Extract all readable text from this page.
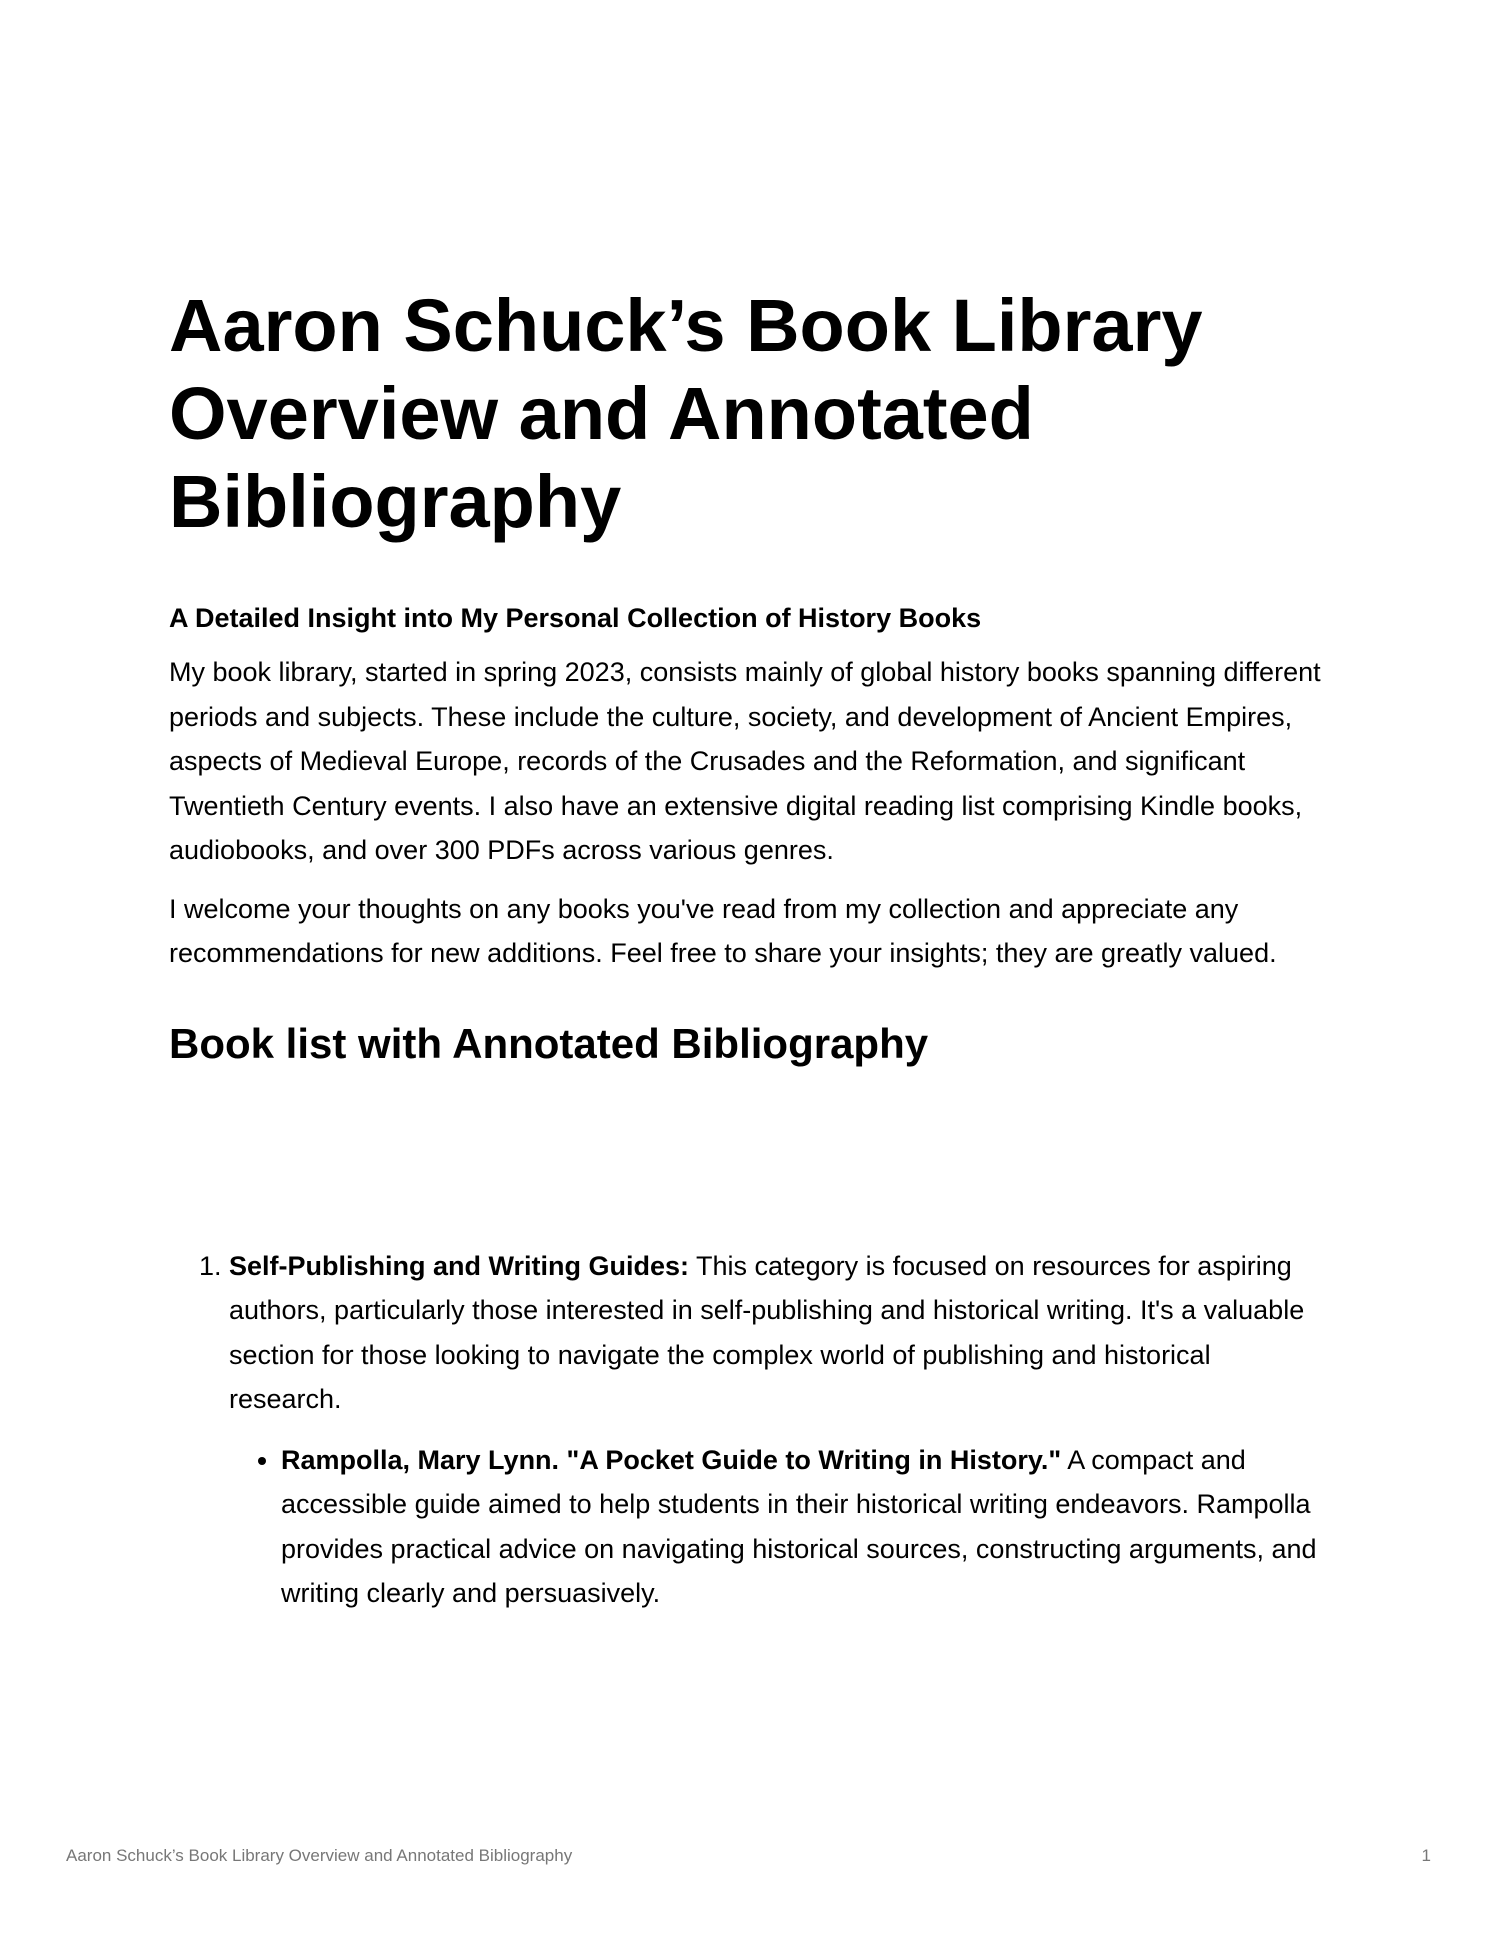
Aaron Schuck’s Book Library Overview and Annotated Bibliography
A Detailed Insight into My Personal Collection of History Books

My book library, started in spring 2023, consists mainly of global history books spanning different periods and subjects. These include the culture, society, and development of Ancient Empires, aspects of Medieval Europe, records of the Crusades and the Reformation, and significant Twentieth Century events. I also have an extensive digital reading list comprising Kindle books, audiobooks, and over 300 PDFs across various genres.

I welcome your thoughts on any books you've read from my collection and appreciate any recommendations for new additions. Feel free to share your insights; they are greatly valued.

Book list with Annotated Bibliography
1. Self-Publishing and Writing Guides: This category is focused on resources for aspiring authors, particularly those interested in self-publishing and historical writing. It's a valuable section for those looking to navigate the complex world of publishing and historical research.
• Rampolla, Mary Lynn. "A Pocket Guide to Writing in History." A compact and accessible guide aimed to help students in their historical writing endeavors. Rampolla provides practical advice on navigating historical sources, constructing arguments, and writing clearly and persuasively.
Aaron Schuck’s Book Library Overview and Annotated Bibliography	1
